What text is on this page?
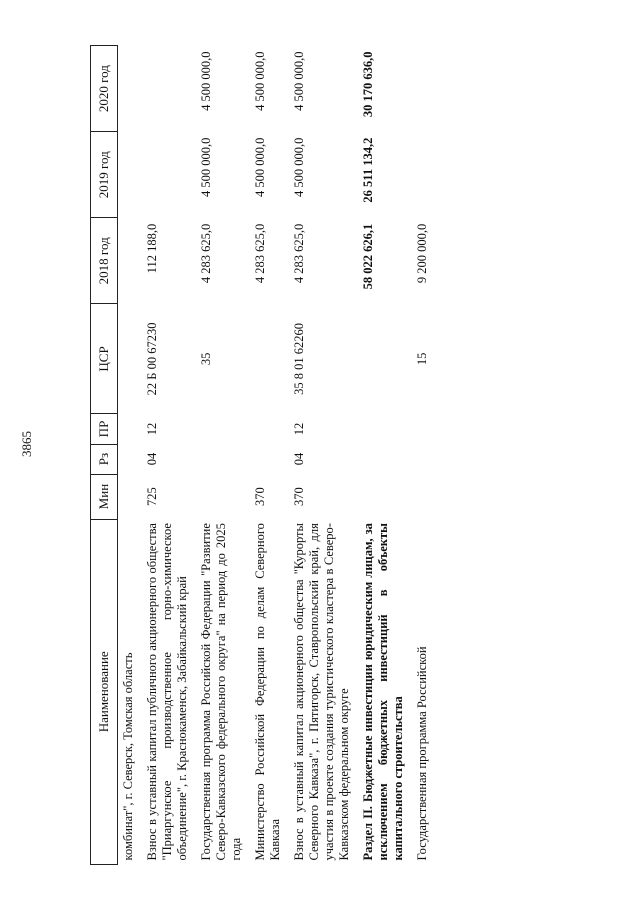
3865
Наименование	Мин	Рз	ПР	ЦСР	2018 год	2019 год	2020 год
комбинат", г. Северск, Томская область							
Взнос в уставный капитал публичного акционерного общества "Приаргунское производственное горно-химическое объединение", г. Краснокаменск, Забайкальский край	725	04	12	22 Б 00 67230	112 188,0		
Государственная программа Российской Федерации "Развитие Северо-Кавказского федерального округа" на период до 2025 года				35	4 283 625,0	4 500 000,0	4 500 000,0
Министерство Российской Федерации по делам Северного Кавказа	370				4 283 625,0	4 500 000,0	4 500 000,0
Взнос в уставный капитал акционерного общества "Курорты Северного Кавказа", г. Пятигорск, Ставропольский край, для участия в проекте создания туристического кластера в Северо-Кавказском федеральном округе	370	04	12	35 8 01 62260	4 283 625,0	4 500 000,0	4 500 000,0
Раздел II. Бюджетные инвестиции юридическим лицам, за исключением бюджетных инвестиций в объекты капитального строительства					58 022 626,1	26 511 134,2	30 170 636,0
Государственная программа Российской				15	9 200 000,0		
